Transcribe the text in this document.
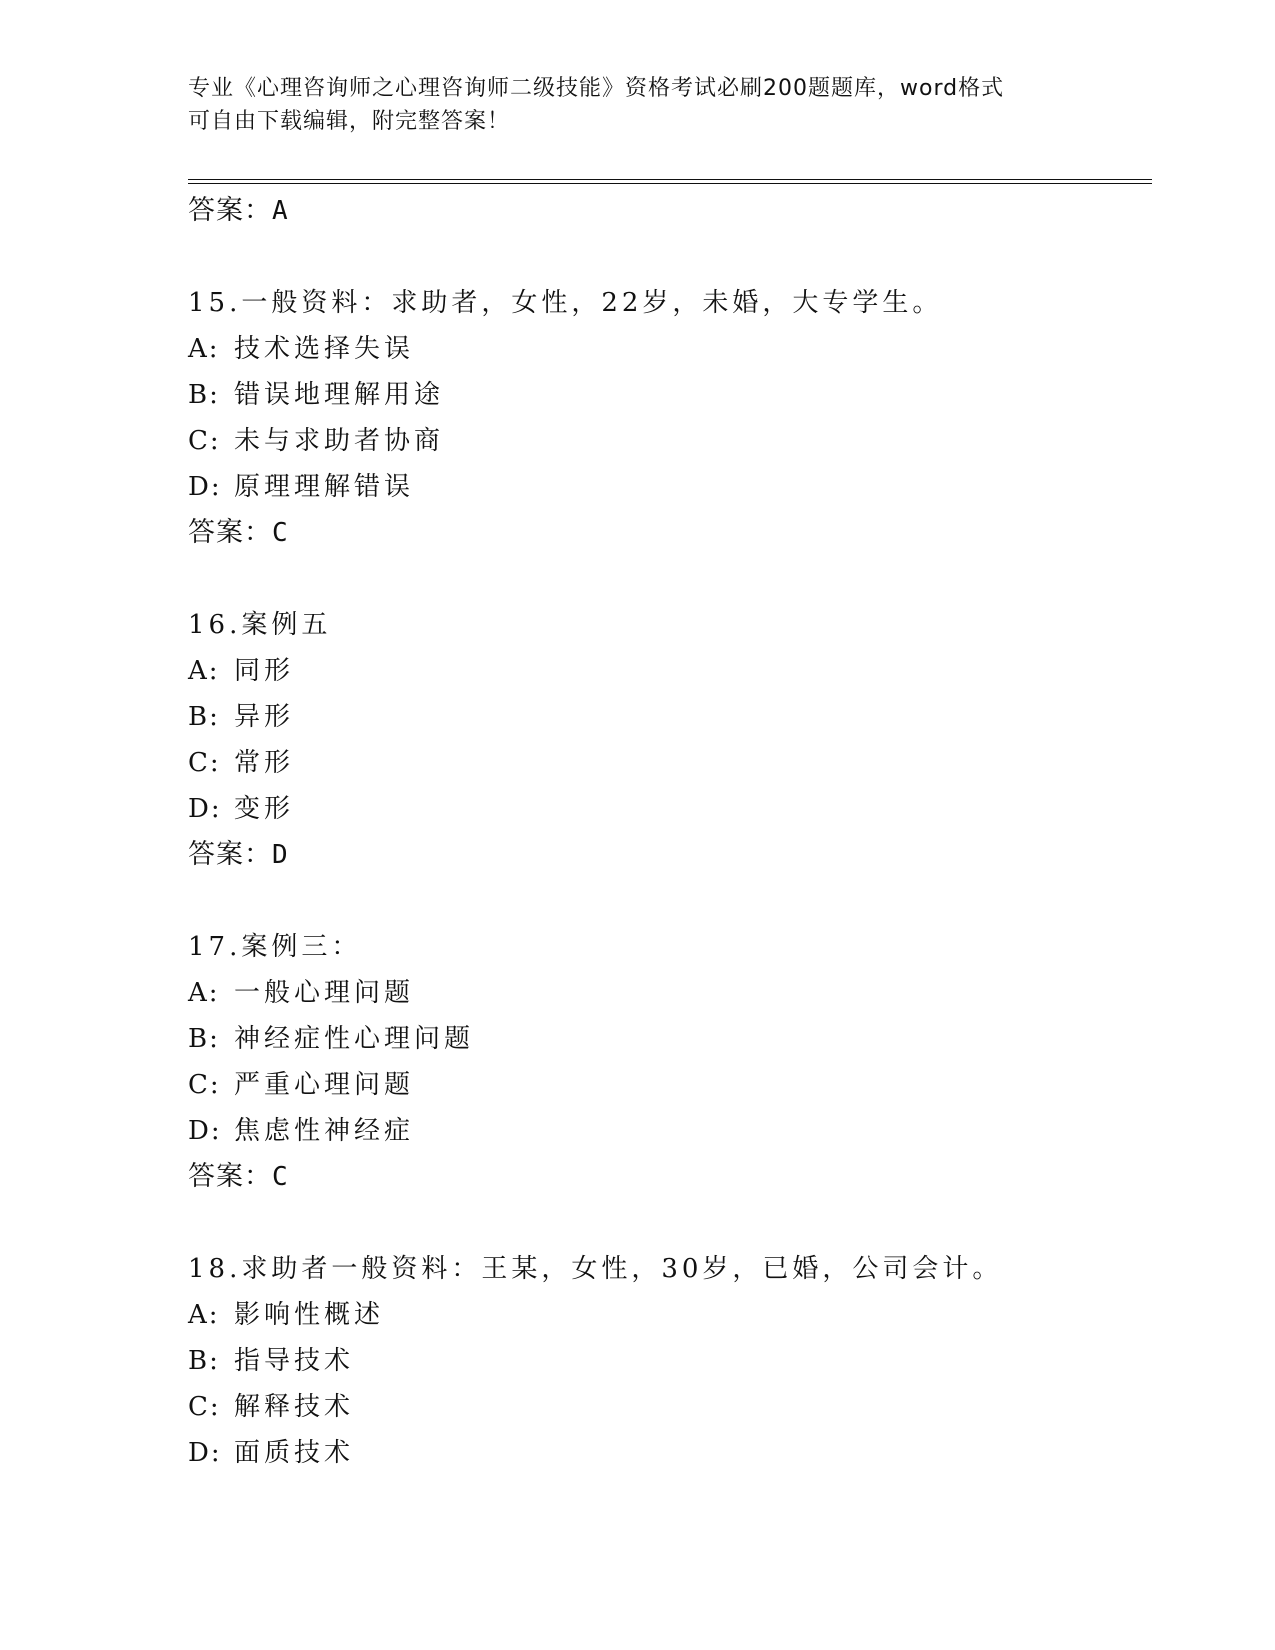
专业《心理咨询师之心理咨询师二级技能》资格考试必刷200题题库，word格式
可自由下载编辑，附完整答案！
答案：A
15.一般资料：求助者，女性，22岁，未婚，大专学生。
A: 技术选择失误
B: 错误地理解用途
C: 未与求助者协商
D: 原理理解错误
答案：C
16.案例五
A: 同形
B: 异形
C: 常形
D: 变形
答案：D
17.案例三：
A: 一般心理问题
B: 神经症性心理问题
C: 严重心理问题
D: 焦虑性神经症
答案：C
18.求助者一般资料：王某，女性，30岁，已婚，公司会计。
A: 影响性概述
B: 指导技术
C: 解释技术
D: 面质技术
